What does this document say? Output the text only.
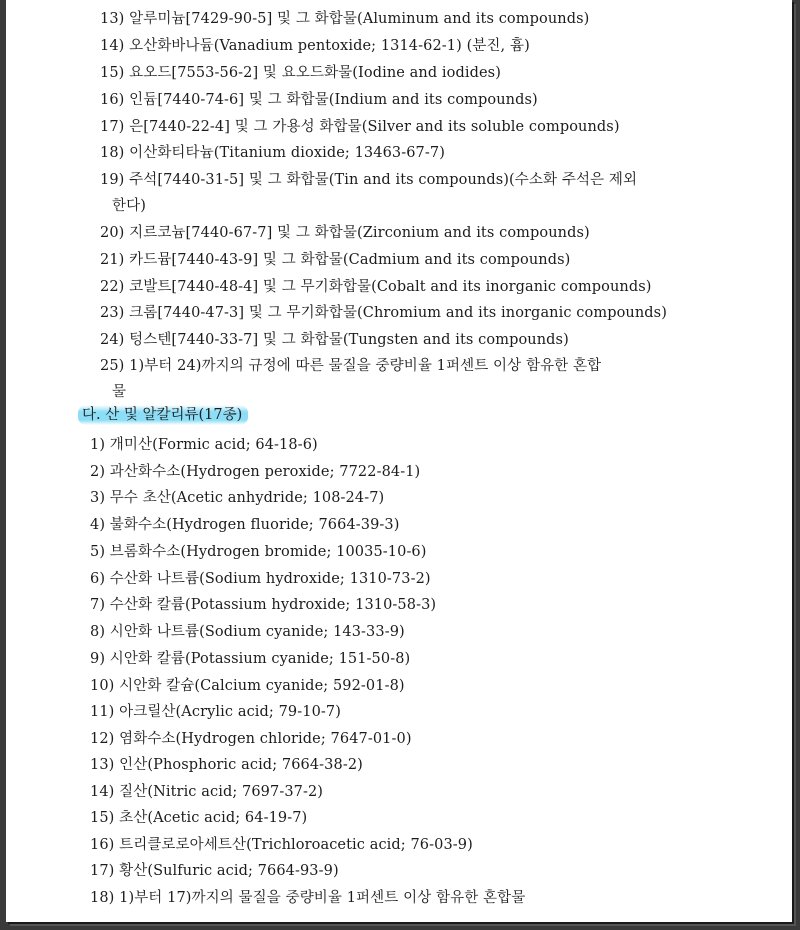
13) 알루미늄[7429-90-5] 및 그 화합물(Aluminum and its compounds)
14) 오산화바나듐(Vanadium pentoxide; 1314-62-1) (분진, 흄)
15) 요오드[7553-56-2] 및 요오드화물(Iodine and iodides)
16) 인듐[7440-74-6] 및 그 화합물(Indium and its compounds)
17) 은[7440-22-4] 및 그 가용성 화합물(Silver and its soluble compounds)
18) 이산화티타늄(Titanium dioxide; 13463-67-7)
19) 주석[7440-31-5] 및 그 화합물(Tin and its compounds)(수소화 주석은 제외
한다)
20) 지르코늄[7440-67-7] 및 그 화합물(Zirconium and its compounds)
21) 카드뮴[7440-43-9] 및 그 화합물(Cadmium and its compounds)
22) 코발트[7440-48-4] 및 그 무기화합물(Cobalt and its inorganic compounds)
23) 크롬[7440-47-3] 및 그 무기화합물(Chromium and its inorganic compounds)
24) 텅스텐[7440-33-7] 및 그 화합물(Tungsten and its compounds)
25) 1)부터 24)까지의 규정에 따른 물질을 중량비율 1퍼센트 이상 함유한 혼합
물
다. 산 및 알칼리류(17종)
1) 개미산(Formic acid; 64-18-6)
2) 과산화수소(Hydrogen peroxide; 7722-84-1)
3) 무수 초산(Acetic anhydride; 108-24-7)
4) 불화수소(Hydrogen fluoride; 7664-39-3)
5) 브롬화수소(Hydrogen bromide; 10035-10-6)
6) 수산화 나트륨(Sodium hydroxide; 1310-73-2)
7) 수산화 칼륨(Potassium hydroxide; 1310-58-3)
8) 시안화 나트륨(Sodium cyanide; 143-33-9)
9) 시안화 칼륨(Potassium cyanide; 151-50-8)
10) 시안화 칼슘(Calcium cyanide; 592-01-8)
11) 아크릴산(Acrylic acid; 79-10-7)
12) 염화수소(Hydrogen chloride; 7647-01-0)
13) 인산(Phosphoric acid; 7664-38-2)
14) 질산(Nitric acid; 7697-37-2)
15) 초산(Acetic acid; 64-19-7)
16) 트리클로로아세트산(Trichloroacetic acid; 76-03-9)
17) 황산(Sulfuric acid; 7664-93-9)
18) 1)부터 17)까지의 물질을 중량비율 1퍼센트 이상 함유한 혼합물
